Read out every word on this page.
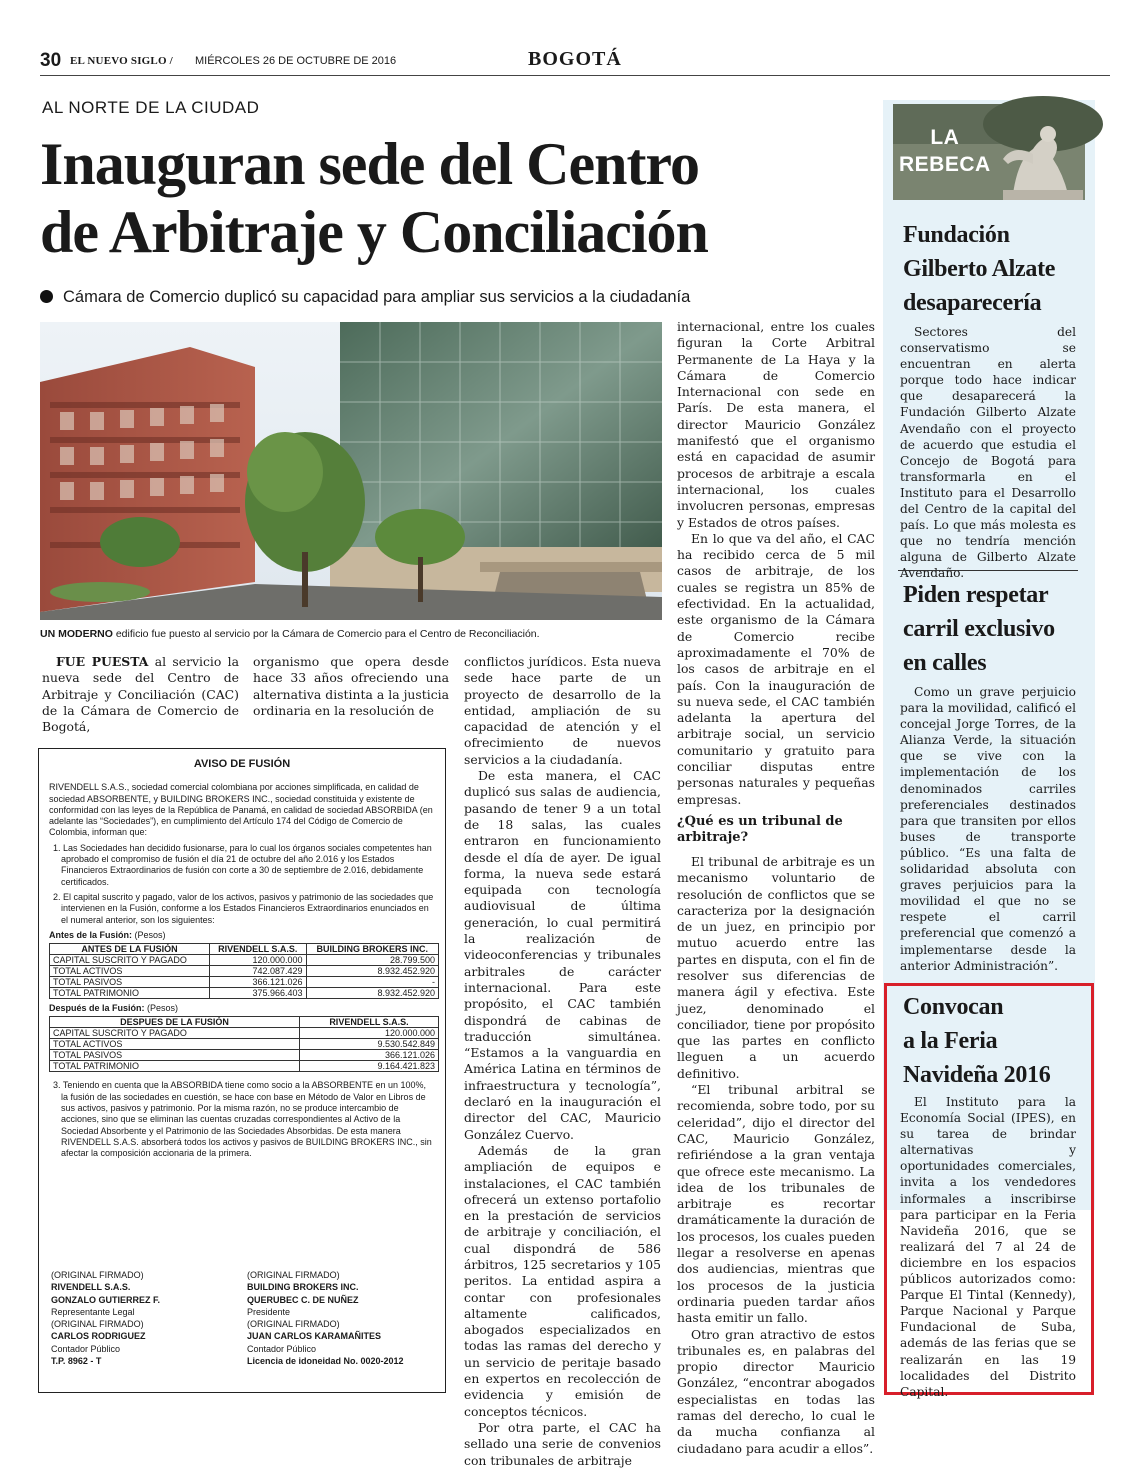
30 EL NUEVO SIGLO / MIÉRCOLES 26 DE OCTUBRE DE 2016	BOGOTÁ
AL NORTE DE LA CIUDAD
Inauguran sede del Centro
de Arbitraje y Conciliación
Cámara de Comercio duplicó su capacidad para ampliar sus servicios a la ciudadanía
UN MODERNO edificio fue puesto al servicio por la Cámara de Comercio para el Centro de Reconciliación.

FUE PUESTA al servicio la nueva sede del Centro de Arbitraje y Conciliación (CAC) de la Cámara de Comercio de Bogotá,

organismo que opera desde hace 33 años ofreciendo una alternativa distinta a la justicia ordinaria en la resolución de

conflictos jurídicos. Esta nueva sede hace parte de un proyecto de desarrollo de la entidad, ampliación de su capacidad de atención y el ofrecimiento de nuevos servicios a la ciudadanía.

De esta manera, el CAC duplicó sus salas de audiencia, pasando de tener 9 a un total de 18 salas, las cuales entraron en funcionamiento desde el día de ayer. De igual forma, la nueva sede estará equipada con tecnología audiovisual de última generación, lo cual permitirá la realización de videoconferencias y tribunales arbitrales de carácter internacional. Para este propósito, el CAC también dispondrá de cabinas de traducción simultánea. “Estamos a la vanguardia en América Latina en términos de infraestructura y tecnología”, declaró en la inauguración el director del CAC, Mauricio González Cuervo.

Además de la gran ampliación de equipos e instalaciones, el CAC también ofrecerá un extenso portafolio en la prestación de servicios de arbitraje y conciliación, el cual dispondrá de 586 árbitros, 125 secretarios y 105 peritos. La entidad aspira a contar con profesionales altamente calificados, abogados especializados en todas las ramas del derecho y un servicio de peritaje basado en expertos en recolección de evidencia y emisión de conceptos técnicos.

Por otra parte, el CAC ha sellado una serie de convenios con tribunales de arbitraje

internacional, entre los cuales figuran la Corte Arbitral Permanente de La Haya y la Cámara de Comercio Internacional con sede en París. De esta manera, el director Mauricio González manifestó que el organismo está en capacidad de asumir procesos de arbitraje a escala internacional, los cuales involucren personas, empresas y Estados de otros países.

En lo que va del año, el CAC ha recibido cerca de 5 mil casos de arbitraje, de los cuales se registra un 85% de efectividad. En la actualidad, este organismo de la Cámara de Comercio recibe aproximadamente el 70% de los casos de arbitraje en el país. Con la inauguración de su nueva sede, el CAC también adelanta la apertura del arbitraje social, un servicio comunitario y gratuito para conciliar disputas entre personas naturales y pequeñas empresas.

¿Qué es un tribunal de arbitraje?

El tribunal de arbitraje es un mecanismo voluntario de resolución de conflictos que se caracteriza por la designación de un juez, en principio por mutuo acuerdo entre las partes en disputa, con el fin de resolver sus diferencias de manera ágil y efectiva. Este juez, denominado el conciliador, tiene por propósito que las partes en conflicto lleguen a un acuerdo definitivo.

“El tribunal arbitral se recomienda, sobre todo, por su celeridad”, dijo el director del CAC, Mauricio González, refiriéndose a la gran ventaja que ofrece este mecanismo. La idea de los tribunales de arbitraje es recortar dramáticamente la duración de los procesos, los cuales pueden llegar a resolverse en apenas dos audiencias, mientras que los procesos de la justicia ordinaria pueden tardar años hasta emitir un fallo.

Otro gran atractivo de estos tribunales es, en palabras del propio director Mauricio González, “encontrar abogados especialistas en todas las ramas del derecho, lo cual le da mucha confianza al ciudadano para acudir a ellos”.

AVISO DE FUSIÓN

RIVENDELL S.A.S., sociedad comercial colombiana por acciones simplificada, en calidad de sociedad ABSORBENTE, y BUILDING BROKERS INC., sociedad constituida y existente de conformidad con las leyes de la República de Panamá, en calidad de sociedad ABSORBIDA (en adelante las “Sociedades”), en cumplimiento del Artículo 174 del Código de Comercio de Colombia, informan que:

1. Las Sociedades han decidido fusionarse, para lo cual los órganos sociales competentes han aprobado el compromiso de fusión el día 21 de octubre del año 2.016 y los Estados Financieros Extraordinarios de fusión con corte a 30 de septiembre de 2.016, debidamente certificados.

2. El capital suscrito y pagado, valor de los activos, pasivos y patrimonio de las sociedades que intervienen en la Fusión, conforme a los Estados Financieros Extraordinarios enunciados en el numeral anterior, son los siguientes:

Antes de la Fusión: (Pesos)
ANTES DE LA FUSIÓN	RIVENDELL S.A.S.	BUILDING BROKERS INC.
CAPITAL SUSCRITO Y PAGADO	120.000.000	28.799.500
TOTAL ACTIVOS	742.087.429	8.932.452.920
TOTAL PASIVOS	366.121.026	-
TOTAL PATRIMONIO	375.966.403	8.932.452.920
Después de la Fusión: (Pesos)
DESPUES DE LA FUSIÓN	RIVENDELL S.A.S.
CAPITAL SUSCRITO Y PAGADO	120.000.000
TOTAL ACTIVOS	9.530.542.849
TOTAL PASIVOS	366.121.026
TOTAL PATRIMONIO	9.164.421.823

3. Teniendo en cuenta que la ABSORBIDA tiene como socio a la ABSORBENTE en un 100%, la fusión de las sociedades en cuestión, se hace con base en Método de Valor en Libros de sus activos, pasivos y patrimonio. Por la misma razón, no se produce intercambio de acciones, sino que se eliminan las cuentas cruzadas correspondientes al Activo de la Sociedad Absorbente y el Patrimonio de las Sociedades Absorbidas. De esta manera RIVENDELL S.A.S. absorberá todos los activos y pasivos de BUILDING BROKERS INC., sin afectar la composición accionaria de la primera.

(ORIGINAL FIRMADO)
RIVENDELL S.A.S.
GONZALO GUTIERREZ F.
Representante Legal
(ORIGINAL FIRMADO)
CARLOS RODRIGUEZ
Contador Público
T.P. 8962 - T
(ORIGINAL FIRMADO)
BUILDING BROKERS INC.
QUERUBEC C. DE NUÑEZ
Presidente
(ORIGINAL FIRMADO)
JUAN CARLOS KARAMAÑITES
Contador Público
Licencia de idoneidad No. 0020-2012
LA
REBECA
Fundación
Gilberto Alzate
desaparecería
Sectores del conservatismo se encuentran en alerta porque todo hace indicar que desaparecerá la Fundación Gilberto Alzate Avendaño con el proyecto de acuerdo que estudia el Concejo de Bogotá para transformarla en el Instituto para el Desarrollo del Centro de la capital del país. Lo que más molesta es que no tendría mención alguna de Gilberto Alzate Avendaño.
Piden respetar
carril exclusivo
en calles
Como un grave perjuicio para la movilidad, calificó el concejal Jorge Torres, de la Alianza Verde, la situación que se vive con la implementación de los denominados carriles preferenciales destinados para que transiten por ellos buses de transporte público. “Es una falta de solidaridad absoluta con graves perjuicios para la movilidad el que no se respete el carril preferencial que comenzó a implementarse desde la anterior Administración”.
Convocan
a la Feria
Navideña 2016
El Instituto para la Economía Social (IPES), en su tarea de brindar alternativas y oportunidades comerciales, invita a los vendedores informales a inscribirse para participar en la Feria Navideña 2016, que se realizará del 7 al 24 de diciembre en los espacios públicos autorizados como: Parque El Tintal (Kennedy), Parque Nacional y Parque Fundacional de Suba, además de las ferias que se realizarán en las 19 localidades del Distrito Capital.
